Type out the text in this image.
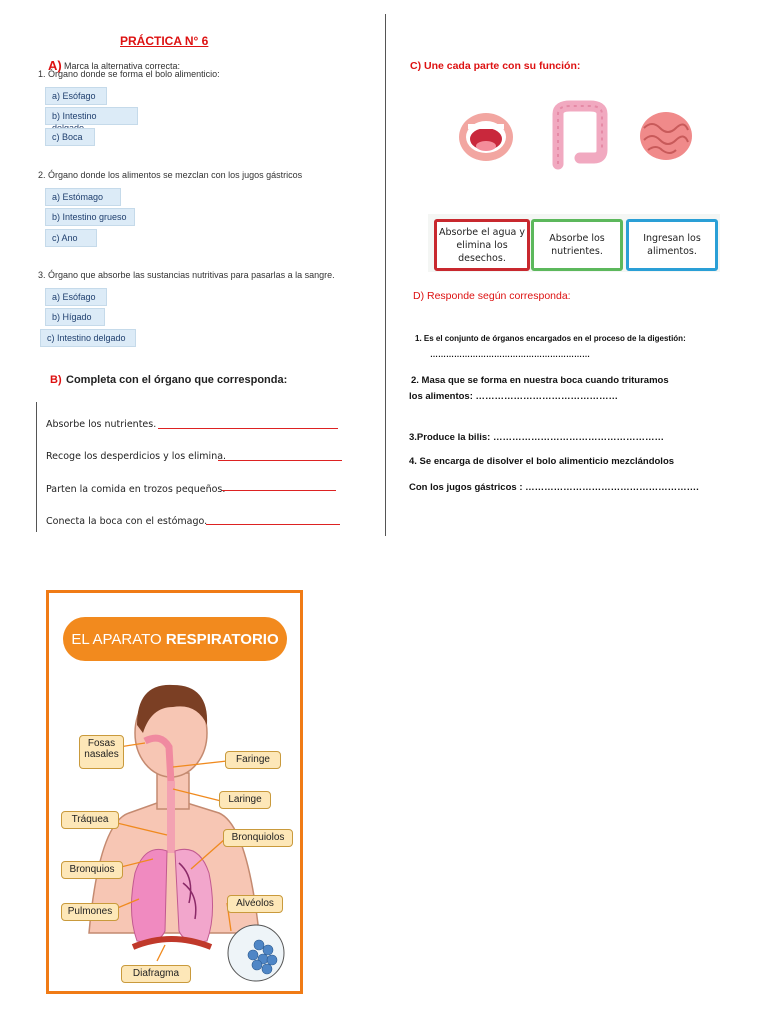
PRÁCTICA N° 6
A) Marca la alternativa correcta:
1. Órgano donde se forma el bolo alimenticio:
a) Esófago
b) Intestino
c) Boca
2. Órgano donde los alimentos se mezclan con los jugos gástricos
a) Estómago
b) Intestino grueso
c) Ano
3. Órgano que absorbe las sustancias nutritivas para pasarlas a la sangre.
a) Esófago
b) Hígado
c) Intestino delgado
B) Completa con el órgano que corresponda:
Absorbe los nutrientes.
Recoge los desperdicios y los elimina.
Parten la comida en trozos pequeños.
Conecta la boca con el estómago.
C) Une cada parte con su función:
Absorbe el agua y elimina los desechos.
Absorbe los nutrientes.
Ingresan los alimentos.
D) Responde según corresponda:
1. Es el conjunto de órganos encargados en el proceso de la digestión:
……………………………………………………
2. Masa que se forma en nuestra boca cuando trituramos
los alimentos: ………………………………………
3.Produce la bilis: ………………………………………………
4. Se encarga de disolver el bolo alimenticio mezclándolos
Con los jugos gástricos : ……………………………………………….
EL APARATO RESPIRATORIO
Fosas nasales	Faringe
Laringe
Tráquea
Bronquiolos
Bronquios
Alvéolos
Pulmones
Diafragma
